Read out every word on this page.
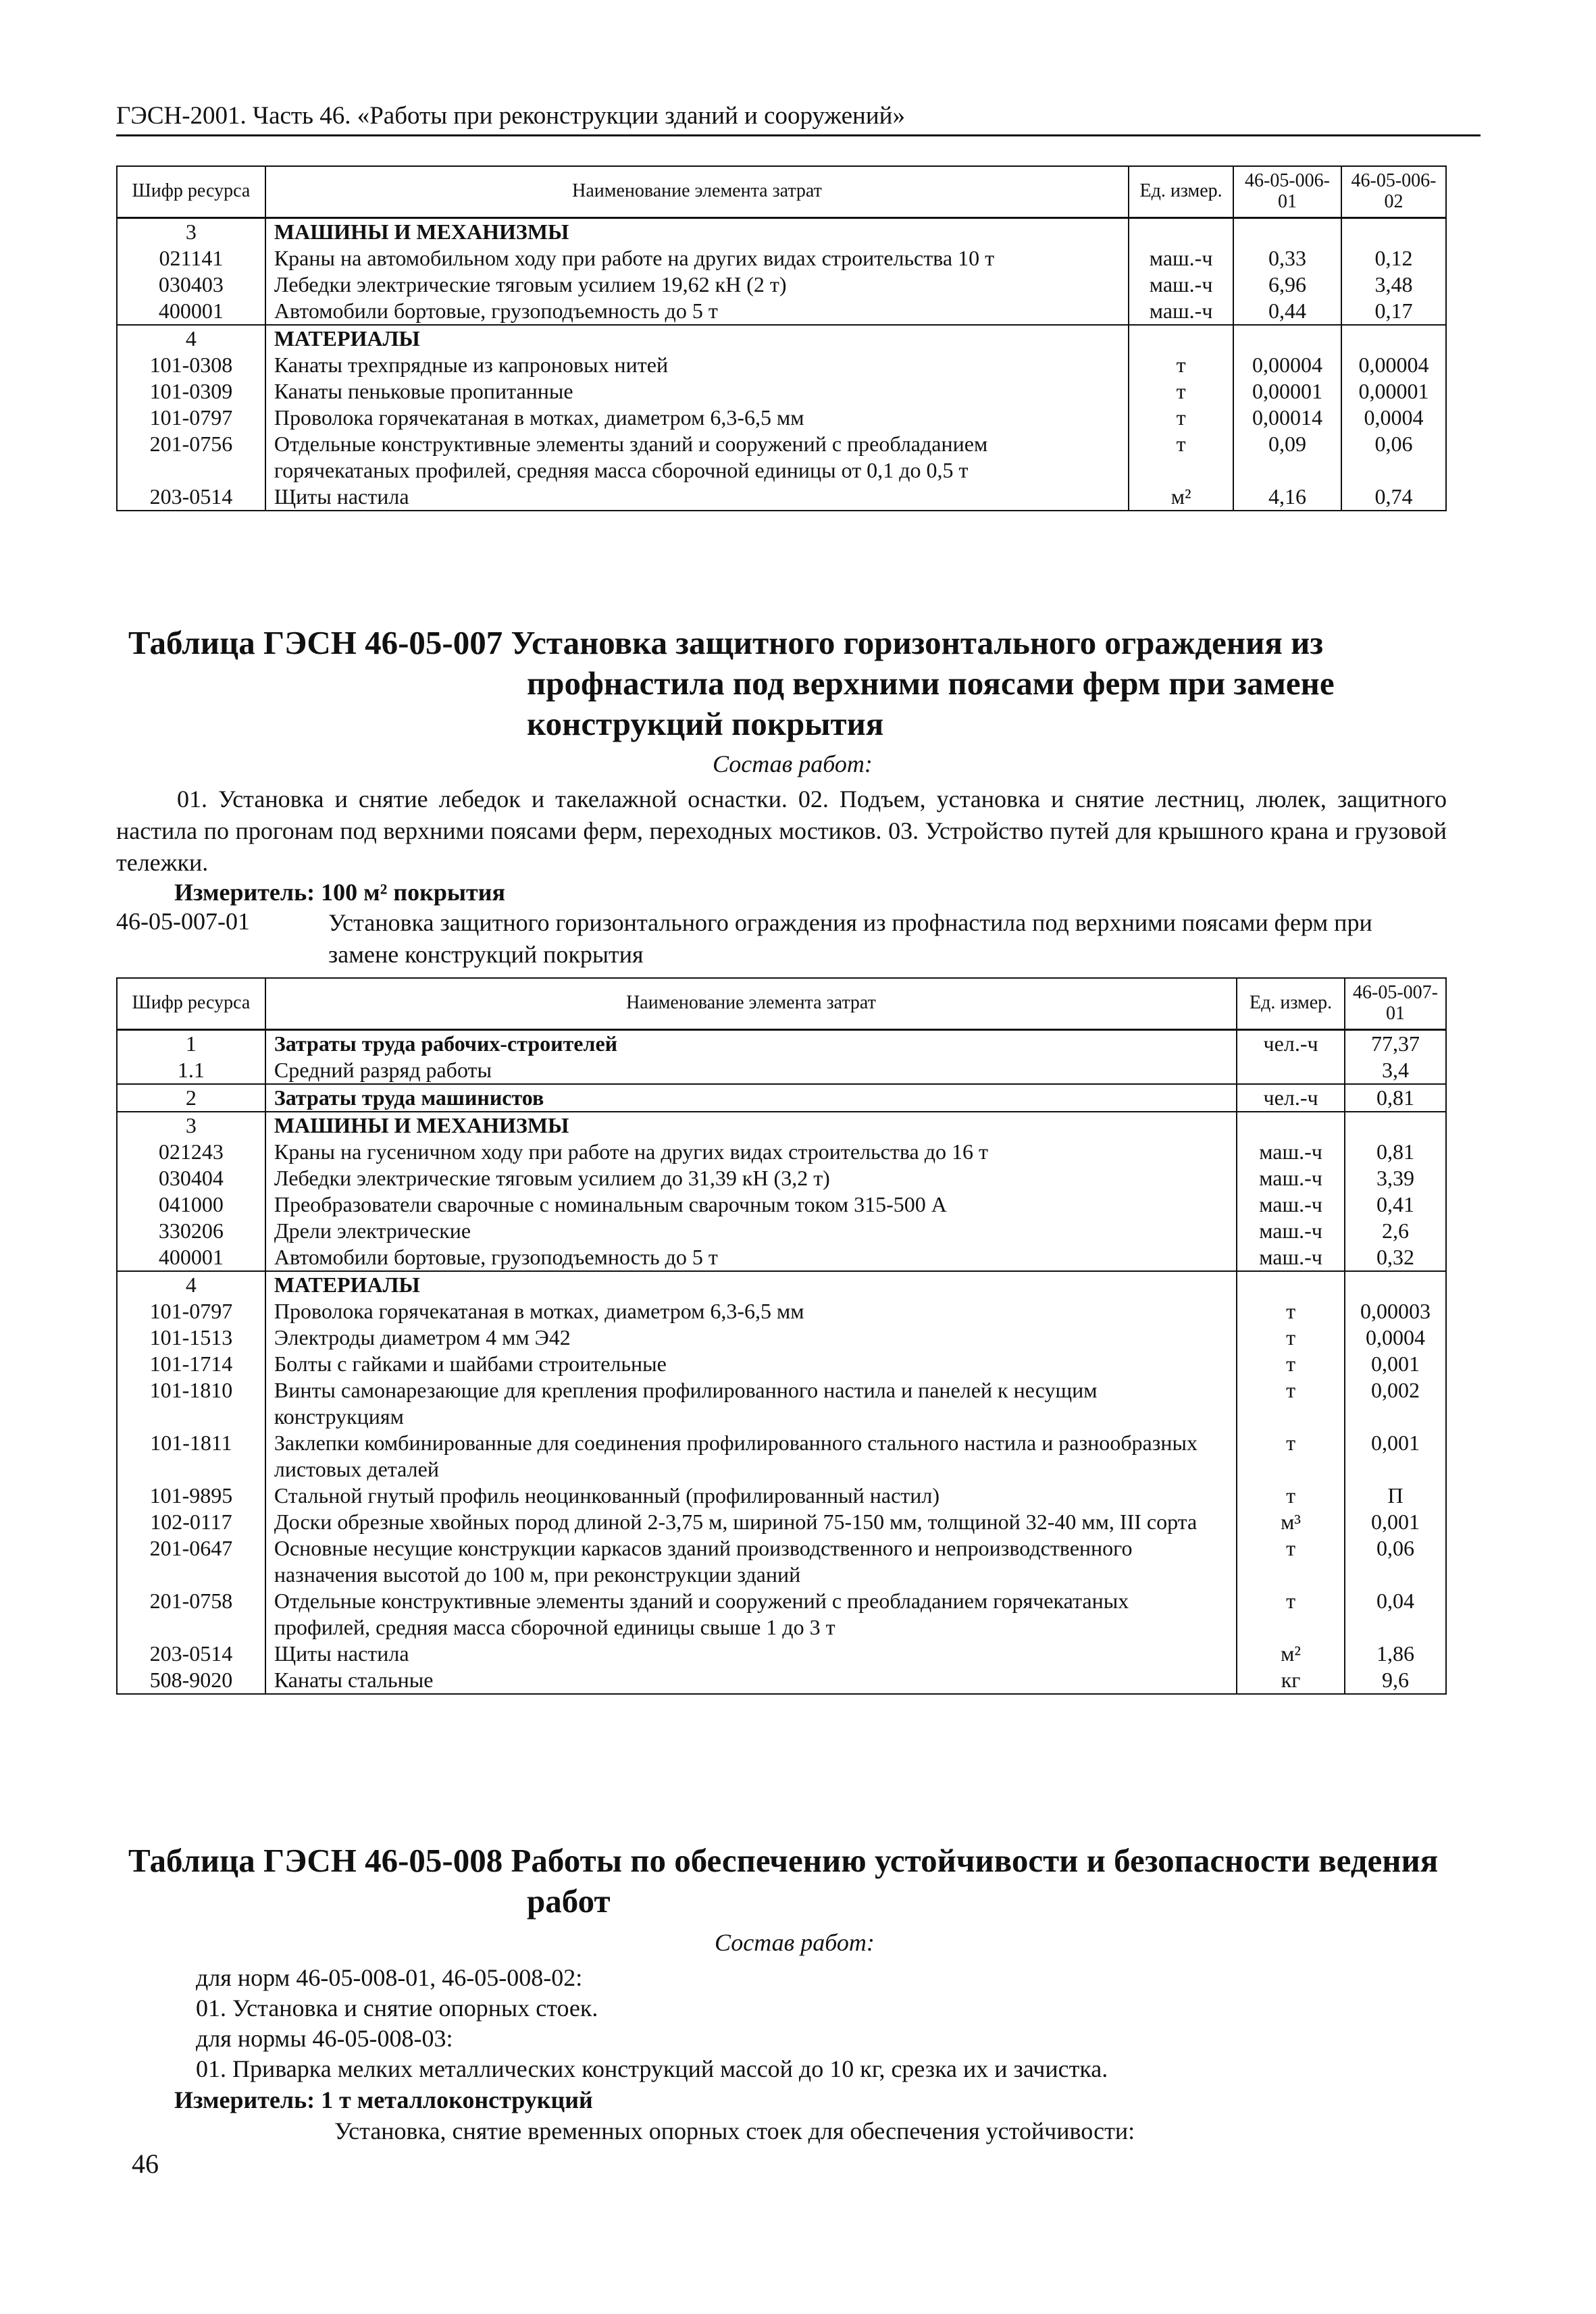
ГЭСН-2001. Часть 46. «Работы при реконструкции зданий и сооружений»
Шифр ресурса	Наименование элемента затрат	Ед. измер.	46-05-006-01	46-05-006-02
3	МАШИНЫ И МЕХАНИЗМЫ			
021141	Краны на автомобильном ходу при работе на других видах строительства 10 т	маш.-ч	0,33	0,12
030403	Лебедки электрические тяговым усилием 19,62 кН (2 т)	маш.-ч	6,96	3,48
400001	Автомобили бортовые, грузоподъемность до 5 т	маш.-ч	0,44	0,17
4	МАТЕРИАЛЫ			
101-0308	Канаты трехпрядные из капроновых нитей	т	0,00004	0,00004
101-0309	Канаты пеньковые пропитанные	т	0,00001	0,00001
101-0797	Проволока горячекатаная в мотках, диаметром 6,3-6,5 мм	т	0,00014	0,0004
201-0756	Отдельные конструктивные элементы зданий и сооружений с преобладанием горячекатаных профилей, средняя масса сборочной единицы от 0,1 до 0,5 т	т	0,09	0,06
203-0514	Щиты настила	м²	4,16	0,74
Таблица ГЭСН 46-05-007 Установка защитного горизонтального ограждения из
профнастила под верхними поясами ферм при замене
конструкций покрытия
Состав работ:
01. Установка и снятие лебедок и такелажной оснастки. 02. Подъем, установка и снятие лестниц, люлек, защитного настила по прогонам под верхними поясами ферм, переходных мостиков. 03. Устройство путей для крышного крана и грузовой тележки.
Измеритель: 100 м² покрытия
46-05-007-01	Установка защитного горизонтального ограждения из профнастила под верхними поясами ферм при замене конструкций покрытия
Шифр ресурса	Наименование элемента затрат	Ед. измер.	46-05-007-01
1	Затраты труда рабочих-строителей	чел.-ч	77,37
1.1	Средний разряд работы		3,4
2	Затраты труда машинистов	чел.-ч	0,81
3	МАШИНЫ И МЕХАНИЗМЫ		
021243	Краны на гусеничном ходу при работе на других видах строительства до 16 т	маш.-ч	0,81
030404	Лебедки электрические тяговым усилием до 31,39 кН (3,2 т)	маш.-ч	3,39
041000	Преобразователи сварочные с номинальным сварочным током 315-500 А	маш.-ч	0,41
330206	Дрели электрические	маш.-ч	2,6
400001	Автомобили бортовые, грузоподъемность до 5 т	маш.-ч	0,32
4	МАТЕРИАЛЫ		
101-0797	Проволока горячекатаная в мотках, диаметром 6,3-6,5 мм	т	0,00003
101-1513	Электроды диаметром 4 мм Э42	т	0,0004
101-1714	Болты с гайками и шайбами строительные	т	0,001
101-1810	Винты самонарезающие для крепления профилированного настила и панелей к несущим конструкциям	т	0,002
101-1811	Заклепки комбинированные для соединения профилированного стального настила и разнообразных листовых деталей	т	0,001
101-9895	Стальной гнутый профиль неоцинкованный (профилированный настил)	т	П
102-0117	Доски обрезные хвойных пород длиной 2-3,75 м, шириной 75-150 мм, толщиной 32-40 мм, III сорта	м³	0,001
201-0647	Основные несущие конструкции каркасов зданий производственного и непроизводственного назначения высотой до 100 м, при реконструкции зданий	т	0,06
201-0758	Отдельные конструктивные элементы зданий и сооружений с преобладанием горячекатаных профилей, средняя масса сборочной единицы свыше 1 до 3 т	т	0,04
203-0514	Щиты настила	м²	1,86
508-9020	Канаты стальные	кг	9,6
Таблица ГЭСН 46-05-008 Работы по обеспечению устойчивости и безопасности ведения
работ
Состав работ:
для норм 46-05-008-01, 46-05-008-02:
01. Установка и снятие опорных стоек.
для нормы 46-05-008-03:
01. Приварка мелких металлических конструкций массой до 10 кг, срезка их и зачистка.
Измеритель: 1 т металлоконструкций
Установка, снятие временных опорных стоек для обеспечения устойчивости:
46
